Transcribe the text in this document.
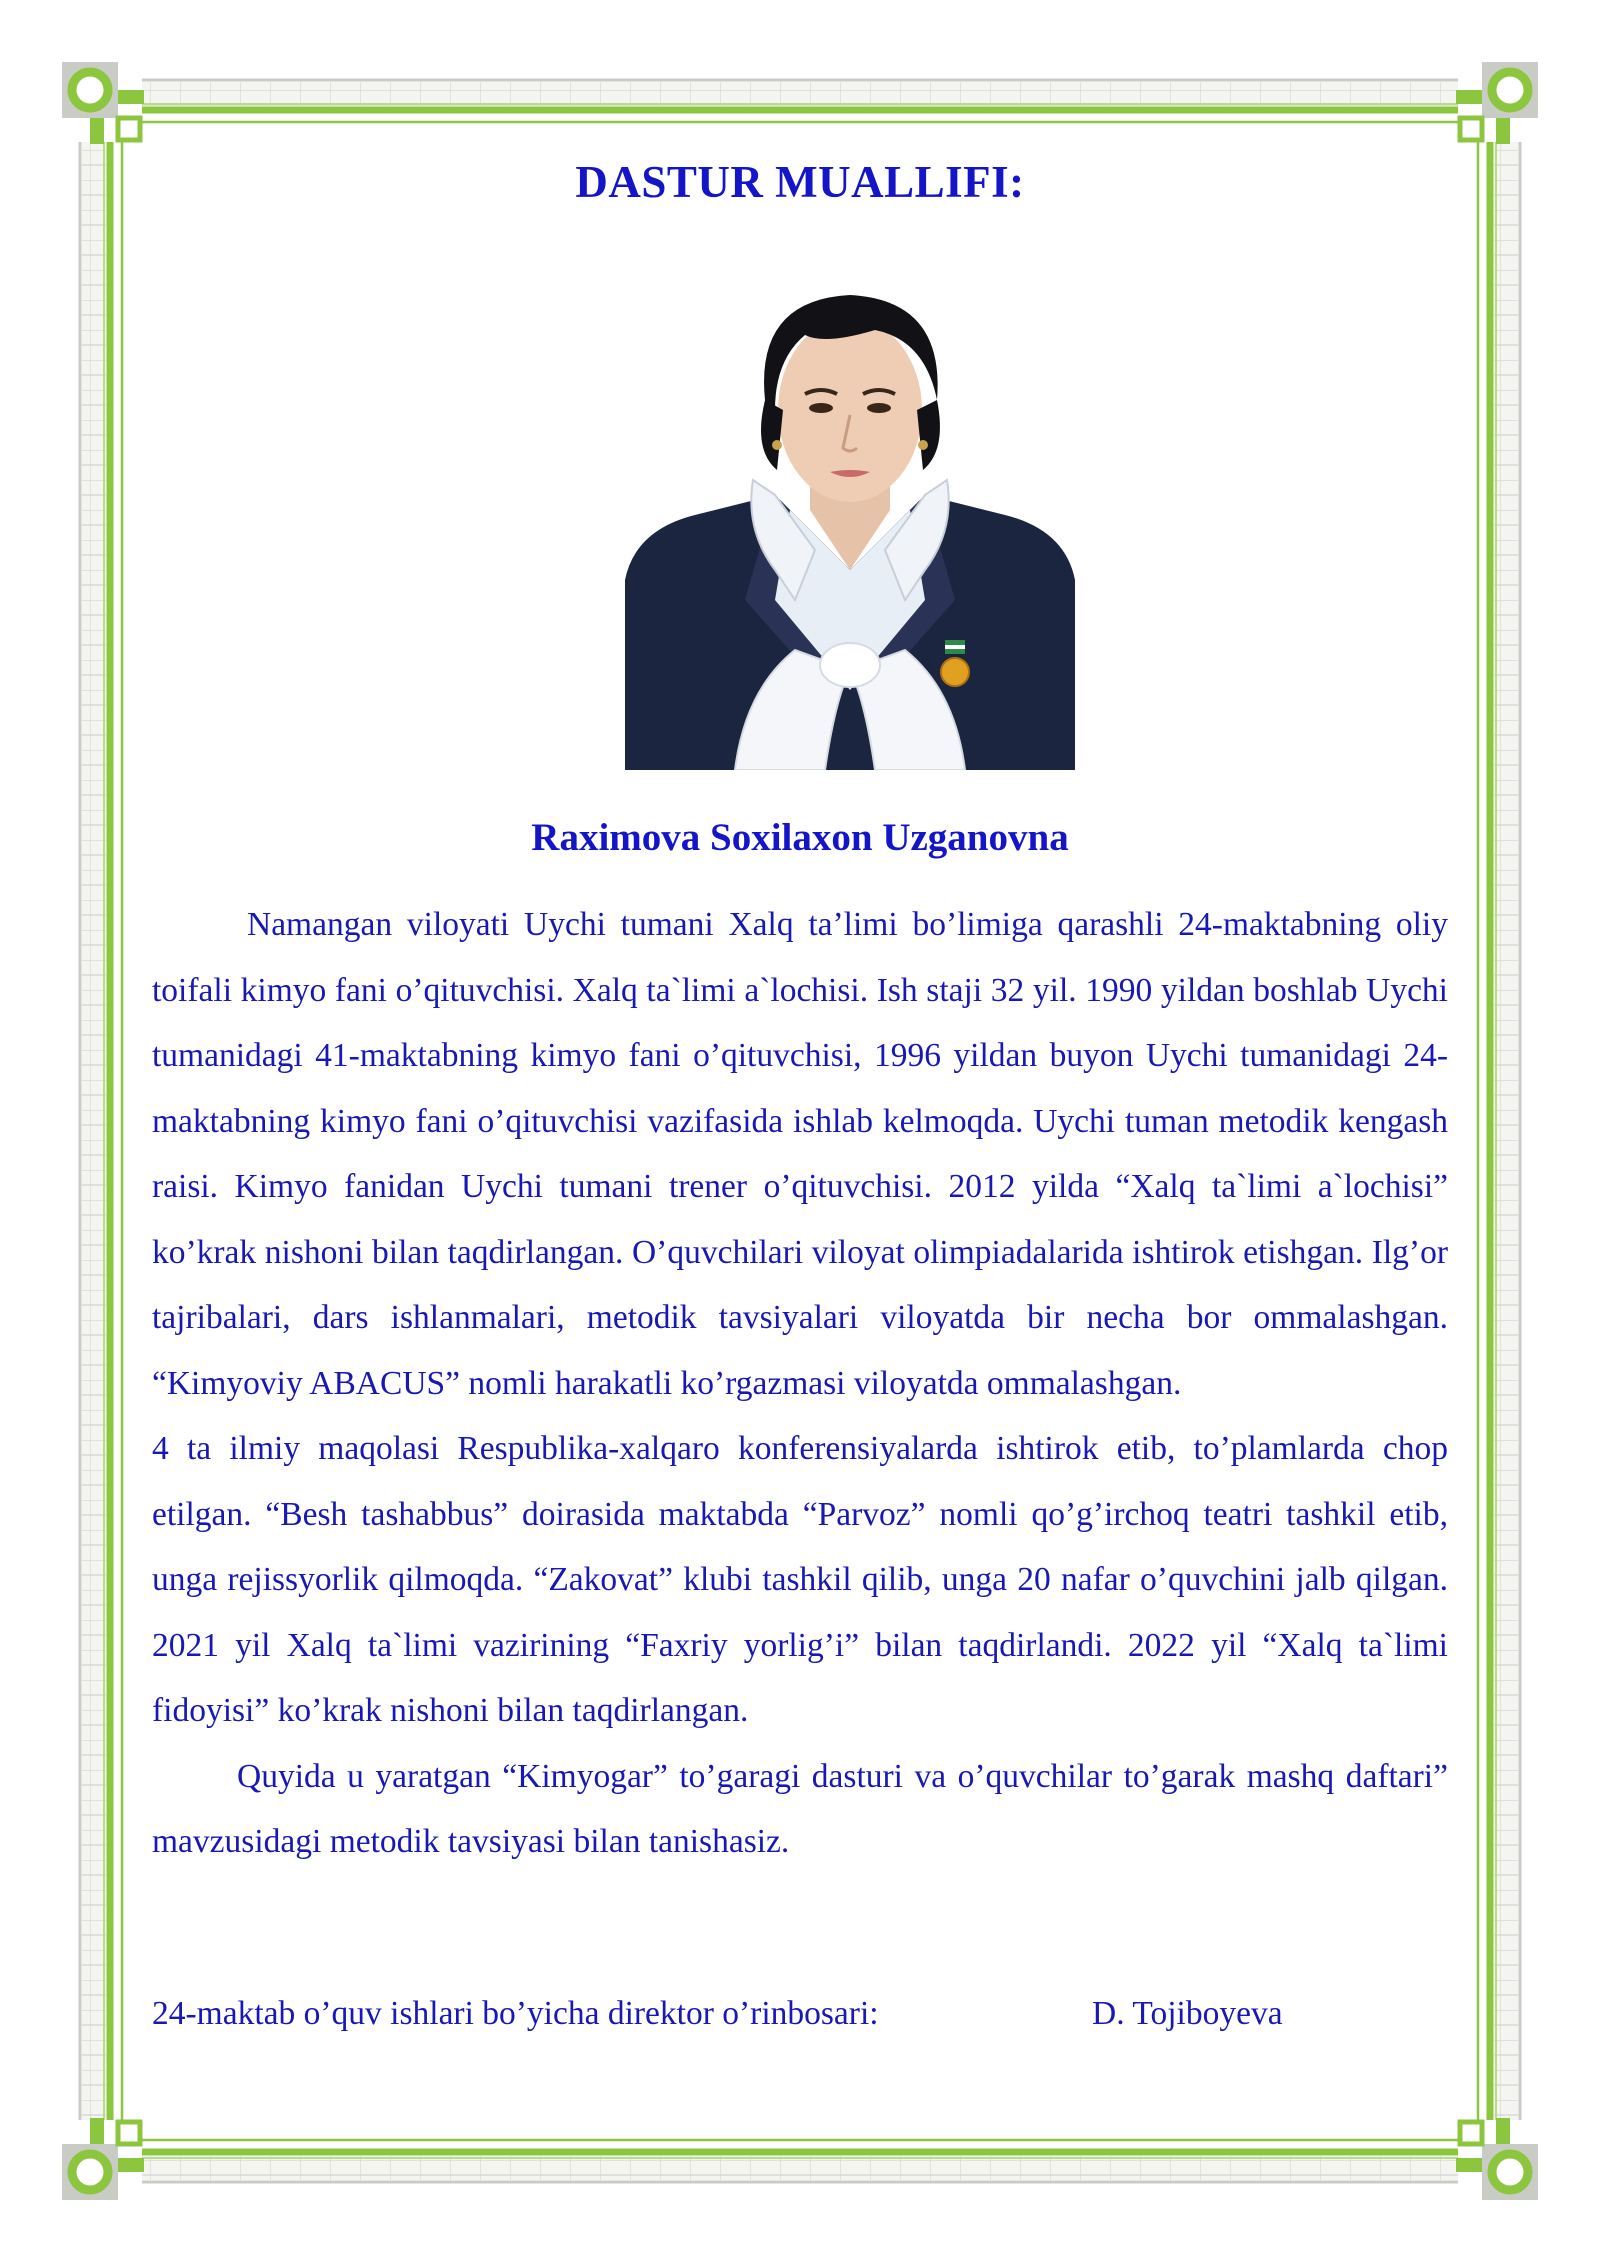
DASTUR MUALLIFI:
Raximova Soxilaxon Uzganovna

Namangan viloyati Uychi tumani Xalq ta’limi bo’limiga qarashli 24-maktabning oliy toifali kimyo fani o’qituvchisi. Xalq ta`limi a`lochisi. Ish staji 32 yil. 1990 yildan boshlab Uychi tumanidagi 41-maktabning kimyo fani o’qituvchisi, 1996 yildan buyon Uychi tumanidagi 24-maktabning kimyo fani o’qituvchisi vazifasida ishlab kelmoqda. Uychi tuman metodik kengash raisi. Kimyo fanidan Uychi tumani trener o’qituvchisi. 2012 yilda “Xalq ta`limi a`lochisi” ko’krak nishoni bilan taqdirlangan. O’quvchilari viloyat olimpiadalarida ishtirok etishgan. Ilg’or tajribalari, dars ishlanmalari, metodik tavsiyalari viloyatda bir necha bor ommalashgan. “Kimyoviy ABACUS” nomli harakatli ko’rgazmasi viloyatda ommalashgan.

4 ta ilmiy maqolasi Respublika-xalqaro konferensiyalarda ishtirok etib, to’plamlarda chop etilgan. “Besh tashabbus” doirasida maktabda “Parvoz” nomli qo’g’irchoq teatri tashkil etib, unga rejissyorlik qilmoqda. “Zakovat” klubi tashkil qilib, unga 20 nafar o’quvchini jalb qilgan. 2021 yil Xalq ta`limi vazirining “Faxriy yorlig’i” bilan taqdirlandi. 2022 yil “Xalq ta`limi fidoyisi” ko’krak nishoni bilan taqdirlangan.

Quyida u yaratgan “Kimyogar” to’garagi dasturi va o’quvchilar to’garak mashq daftari” mavzusidagi metodik tavsiyasi bilan tanishasiz.

24-maktab o’quv ishlari bo’yicha direktor o’rinbosari:	D. Tojiboyeva
